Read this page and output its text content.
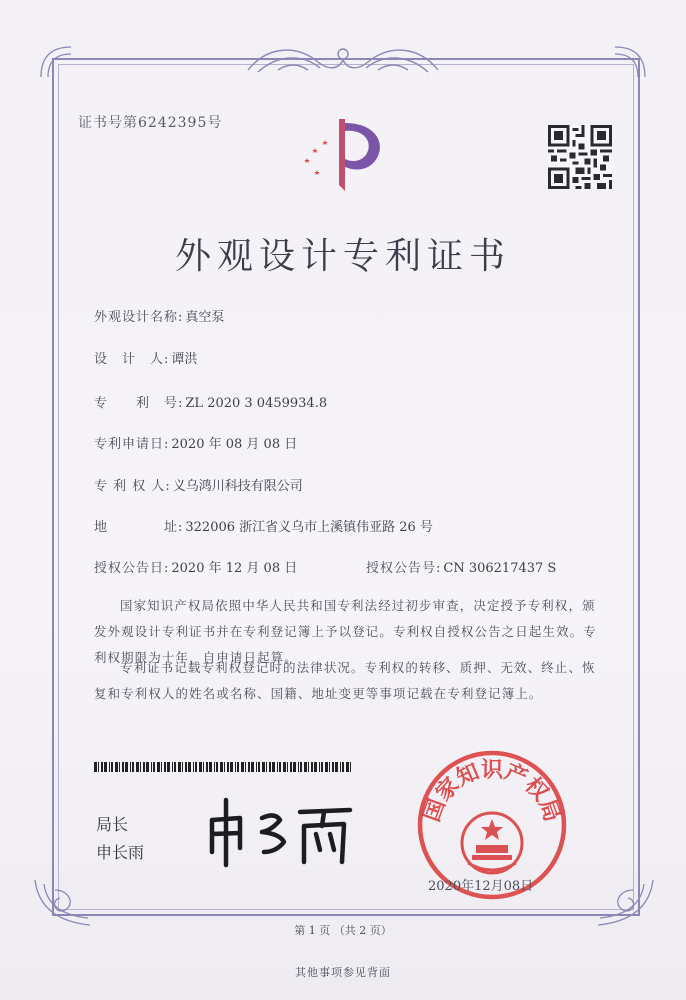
证书号第6242395号
外观设计专利证书
外观设计名称: 真空泵
设　计　人: 谭洪
专　　利　号: ZL 2020 3 0459934.8
专利申请日: 2020 年 08 月 08 日
专 利 权 人: 义乌鸿川科技有限公司
地　　　　址: 322006 浙江省义乌市上溪镇伟亚路 26 号
授权公告日: 2020 年 12 月 08 日	授权公告号: CN 306217437 S
国家知识产权局依照中华人民共和国专利法经过初步审查，决定授予专利权，颁发外观设计专利证书并在专利登记簿上予以登记。专利权自授权公告之日起生效。专利权期限为十年，自申请日起算。
专利证书记载专利权登记时的法律状况。专利权的转移、质押、无效、终止、恢复和专利权人的姓名或名称、国籍、地址变更等事项记载在专利登记簿上。
局长
申长雨
国家知识产权局
2020年12月08日
第 1 页 （共 2 页）
其他事项参见背面
